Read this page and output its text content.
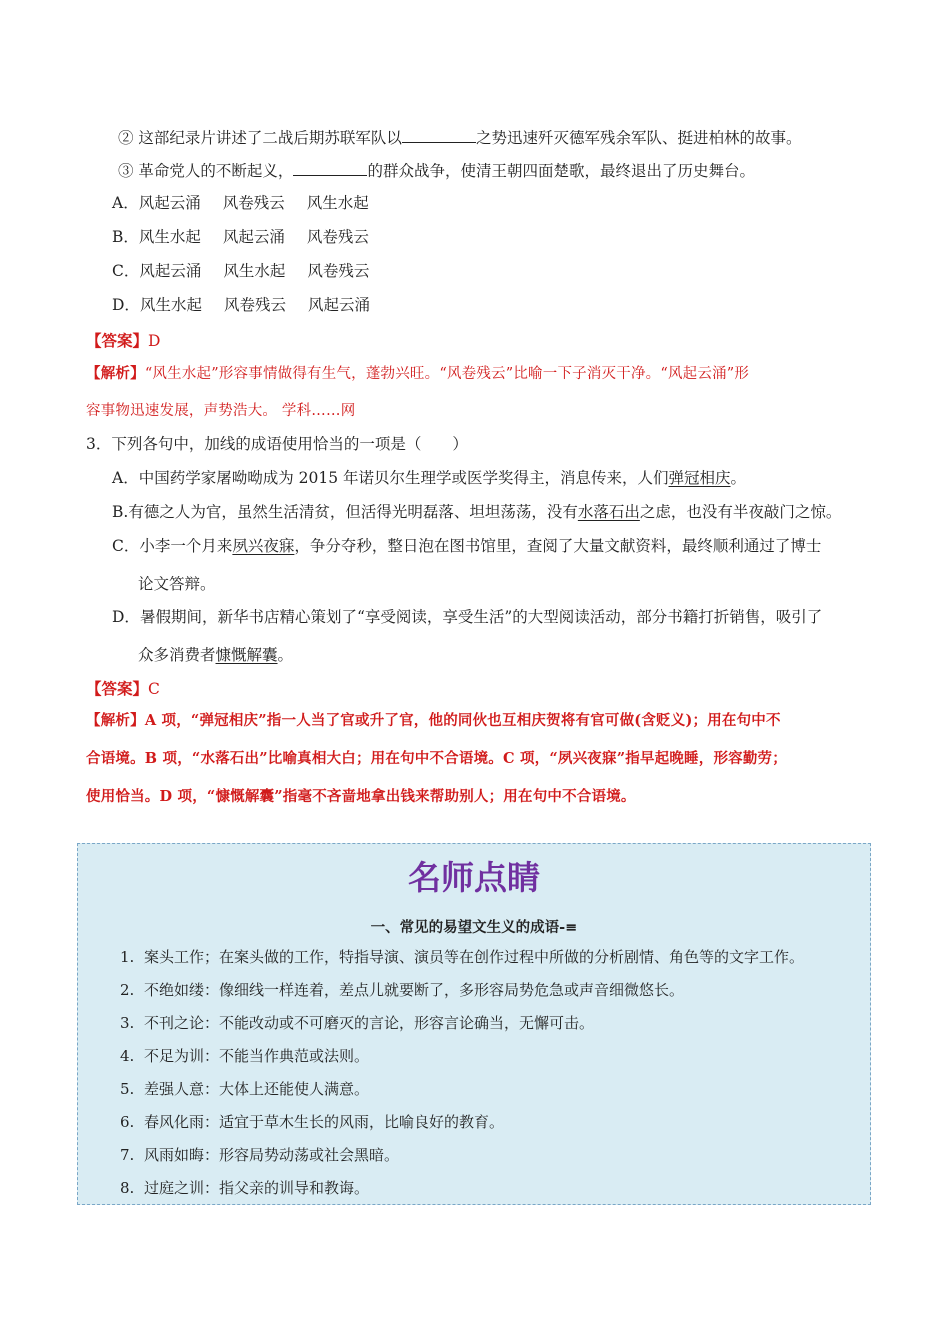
② 这部纪录片讲述了二战后期苏联军队以	之势迅速歼灭德军残余军队、挺进柏林的故事。
③ 革命党人的不断起义，	的群众战争，使清王朝四面楚歌，最终退出了历史舞台。
A．风起云涌 风卷残云 风生水起
B．风生水起 风起云涌 风卷残云
C．风起云涌 风生水起 风卷残云
D．风生水起 风卷残云 风起云涌
【答案】D
【解析】“风生水起”形容事情做得有生气，蓬勃兴旺。“风卷残云”比喻一下子消灭干净。“风起云涌”形
容事物迅速发展，声势浩大。 学科……网
3．下列各句中，加线的成语使用恰当的一项是（　　）
A．中国药学家屠呦呦成为 2015 年诺贝尔生理学或医学奖得主，消息传来，人们弹冠相庆。
B.有德之人为官，虽然生活清贫，但活得光明磊落、坦坦荡荡，没有水落石出之虑，也没有半夜敲门之惊。
C．小李一个月来夙兴夜寐，争分夺秒，整日泡在图书馆里，查阅了大量文献资料，最终顺利通过了博士
论文答辩。
D．暑假期间，新华书店精心策划了“享受阅读，享受生活”的大型阅读活动，部分书籍打折销售，吸引了
众多消费者慷慨解囊。
【答案】C
【解析】A 项，“弹冠相庆”指一人当了官或升了官，他的同伙也互相庆贺将有官可做(含贬义)；用在句中不
合语境。B 项，“水落石出”比喻真相大白；用在句中不合语境。C 项，“夙兴夜寐”指早起晚睡，形容勤劳；
使用恰当。D 项，“慷慨解囊”指毫不吝啬地拿出钱来帮助别人；用在句中不合语境。
名师点睛
一、常见的易望文生义的成语-≡
1. 案头工作；在案头做的工作，特指导演、演员等在创作过程中所做的分析剧情、角色等的文字工作。
2. 不绝如缕：像细线一样连着，差点儿就要断了，多形容局势危急或声音细微悠长。
3. 不刊之论：不能改动或不可磨灭的言论，形容言论确当，无懈可击。
4. 不足为训：不能当作典范或法则。
5. 差强人意：大体上还能使人满意。
6. 春风化雨：适宜于草木生长的风雨，比喻良好的教育。
7. 风雨如晦：形容局势动荡或社会黑暗。
8. 过庭之训：指父亲的训导和教诲。
